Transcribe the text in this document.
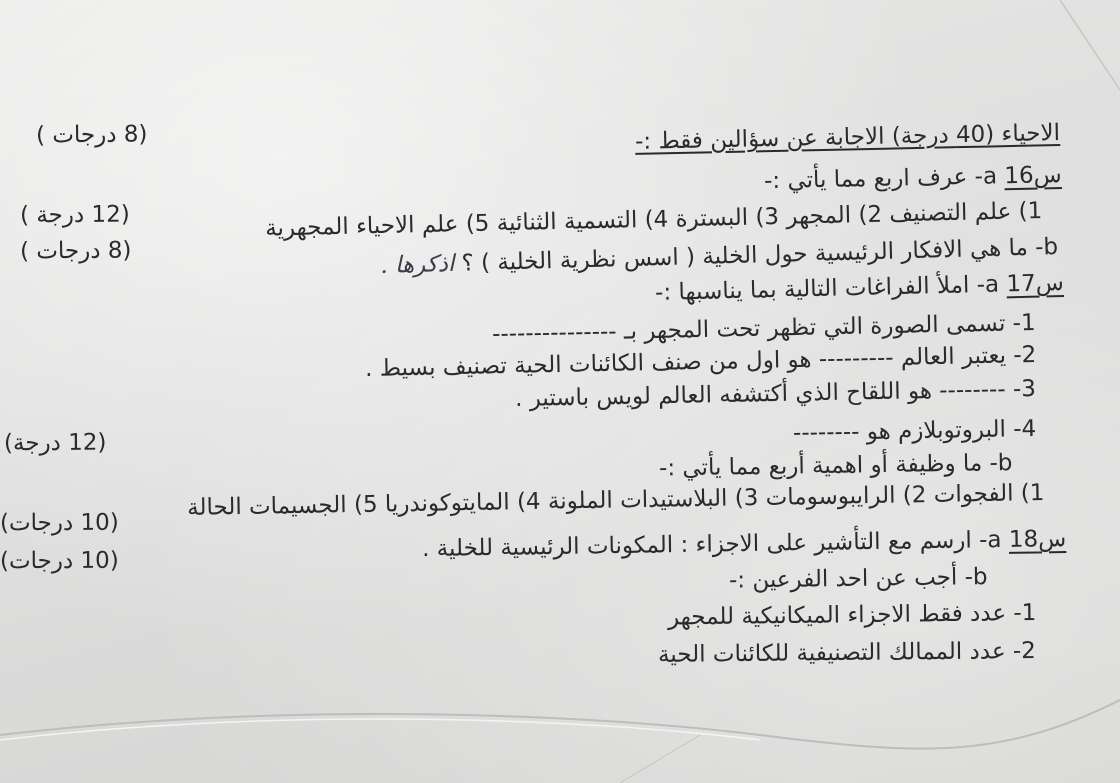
الاحياء (40 درجة) الاجابة عن سؤالين فقط :-
(8 درجات )
س16 a- عرف اربع مما يأتي :-
1) علم التصنيف 2) المجهر 3) البسترة 4) التسمية الثنائية 5) علم الاحياء المجهرية
(12 درجة )
b- ما هي الافكار الرئيسية حول الخلية ( اسس نظرية الخلية ) ؟ اذكرها .
(8 درجات )
س17 a- املأ الفراغات التالية بما يناسبها :-
1- تسمى الصورة التي تظهر تحت المجهر بـ ---------------
2- يعتبر العالم --------- هو اول من صنف الكائنات الحية تصنيف بسيط .
3- -------- هو اللقاح الذي أكتشفه العالم لويس باستير .
4- البروتوبلازم هو --------
b- ما وظيفة أو اهمية أربع مما يأتي :-
(12 درجة)
1) الفجوات 2) الرايبوسومات 3) البلاستيدات الملونة 4) المايتوكوندريا 5) الجسيمات الحالة
س18 a- ارسم مع التأشير على الاجزاء : المكونات الرئيسية للخلية .
(10 درجات)
(10 درجات)
b- أجب عن احد الفرعين :-
1- عدد فقط الاجزاء الميكانيكية للمجهر
2- عدد الممالك التصنيفية للكائنات الحية
